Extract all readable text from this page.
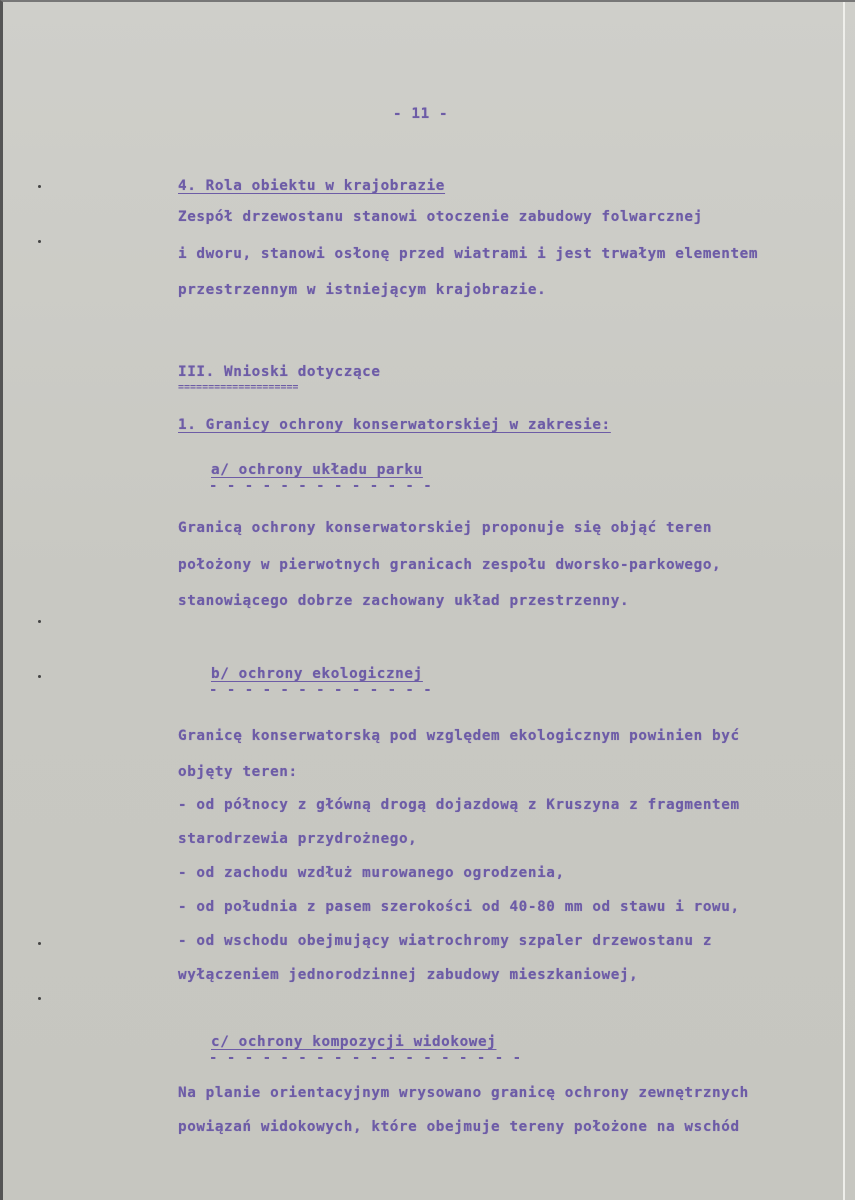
- 11 -
4. Rola obiektu w krajobrazie
Zespół drzewostanu stanowi otoczenie zabudowy folwarcznej
i dworu, stanowi osłonę przed wiatrami i jest trwałym elementem
przestrzennym w istniejącym krajobrazie.
III. Wnioski dotyczące
====================
1. Granicy ochrony konserwatorskiej w zakresie:
a/ ochrony układu parku
- - - - - - - - - - - - -
Granicą ochrony konserwatorskiej proponuje się objąć teren
położony w pierwotnych granicach zespołu dworsko-parkowego,
stanowiącego dobrze zachowany układ przestrzenny.
b/ ochrony ekologicznej
- - - - - - - - - - - - -
Granicę konserwatorską pod względem ekologicznym powinien być
objęty teren:
- od północy z główną drogą dojazdową z Kruszyna z fragmentem
starodrzewia przydrożnego,
- od zachodu wzdłuż murowanego ogrodzenia,
- od południa z pasem szerokości od 40-80 mm od stawu i rowu,
- od wschodu obejmujący wiatrochromy szpaler drzewostanu z
wyłączeniem jednorodzinnej zabudowy mieszkaniowej,
c/ ochrony kompozycji widokowej
- - - - - - - - - - - - - - - - - -
Na planie orientacyjnym wrysowano granicę ochrony zewnętrznych
powiązań widokowych, które obejmuje tereny położone na wschód
